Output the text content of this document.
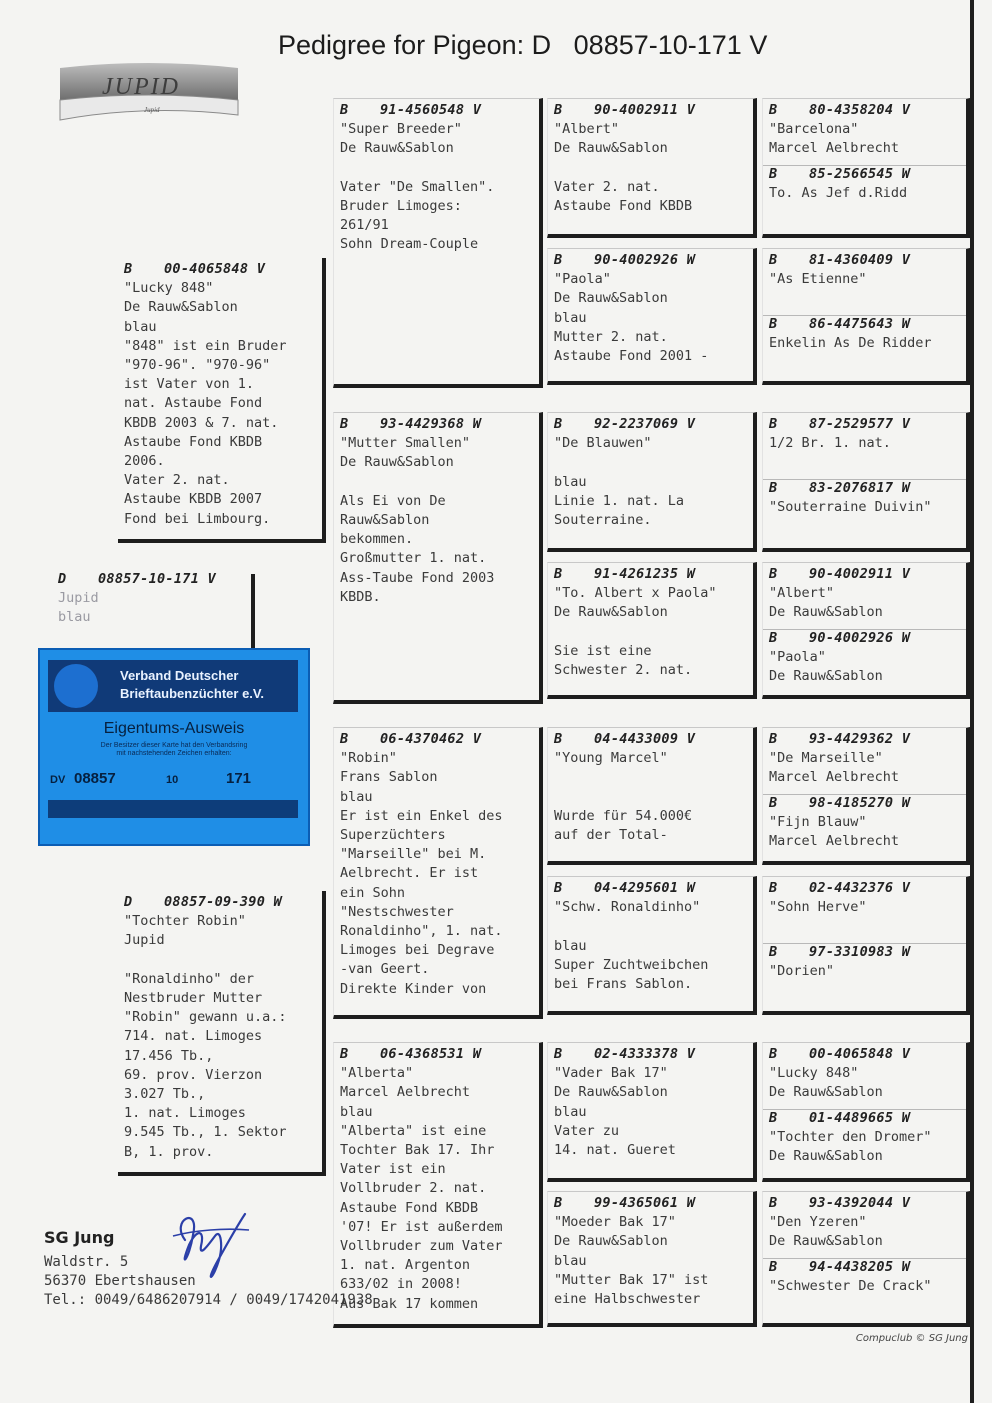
Pedigree for Pigeon: D   08857-10-171 V
JUPID
Jupid
D 08857-10-171 V
Jupid
blau
B 00-4065848 V
"Lucky 848"
De Rauw&Sablon
blau
"848" ist ein Bruder
"970-96". "970-96"
ist Vater von 1.
nat. Astaube Fond
KBDB 2003 & 7. nat.
Astaube Fond KBDB
2006.
Vater 2. nat.
Astaube KBDB 2007
Fond bei Limbourg.
D 08857-09-390 W
"Tochter Robin"
Jupid

"Ronaldinho" der
Nestbruder Mutter
"Robin" gewann u.a.:
714. nat. Limoges
17.456 Tb.,
69. prov. Vierzon
3.027 Tb.,
1. nat. Limoges
9.545 Tb., 1. Sektor
B, 1. prov.
B 91-4560548 V
"Super Breeder"
De Rauw&Sablon

Vater "De Smallen".
Bruder Limoges:
261/91
Sohn Dream-Couple
B 93-4429368 W
"Mutter Smallen"
De Rauw&Sablon

Als Ei von De
Rauw&Sablon
bekommen.
Großmutter 1. nat.
Ass-Taube Fond 2003
KBDB.
B 06-4370462 V
"Robin"
Frans Sablon
blau
Er ist ein Enkel des
Superzüchters
"Marseille" bei M.
Aelbrecht. Er ist
ein Sohn
"Nestschwester
Ronaldinho", 1. nat.
Limoges bei Degrave
-van Geert.
Direkte Kinder von
B 06-4368531 W
"Alberta"
Marcel Aelbrecht
blau
"Alberta" ist eine
Tochter Bak 17. Ihr
Vater ist ein
Vollbruder 2. nat.
Astaube Fond KBDB
'07! Er ist außerdem
Vollbruder zum Vater
1. nat. Argenton
633/02 in 2008!
Aus Bak 17 kommen
B 90-4002911 V
"Albert"
De Rauw&Sablon

Vater 2. nat.
Astaube Fond KBDB
B 90-4002926 W
"Paola"
De Rauw&Sablon
blau
Mutter 2. nat.
Astaube Fond 2001 -
B 92-2237069 V
"De Blauwen"

blau
Linie 1. nat. La
Souterraine.
B 91-4261235 W
"To. Albert x Paola"
De Rauw&Sablon

Sie ist eine
Schwester 2. nat.
B 04-4433009 V
"Young Marcel"

Wurde für 54.000€
auf der Total-
B 04-4295601 W
"Schw. Ronaldinho"

blau
Super Zuchtweibchen
bei Frans Sablon.
B 02-4333378 V
"Vader Bak 17"
De Rauw&Sablon
blau
Vater zu
14. nat. Gueret
B 99-4365061 W
"Moeder Bak 17"
De Rauw&Sablon
blau
"Mutter Bak 17" ist
eine Halbschwester
B 80-4358204 V
"Barcelona"
Marcel Aelbrecht
B 85-2566545 W
To. As Jef d.Ridd
B 81-4360409 V
"As Etienne"
B 86-4475643 W
Enkelin As De Ridder
B 87-2529577 V
1/2 Br. 1. nat.
B 83-2076817 W
"Souterraine Duivin"
B 90-4002911 V
"Albert"
De Rauw&Sablon
B 90-4002926 W
"Paola"
De Rauw&Sablon
B 93-4429362 V
"De Marseille"
Marcel Aelbrecht
B 98-4185270 W
"Fijn Blauw"
Marcel Aelbrecht
B 02-4432376 V
"Sohn Herve"
B 97-3310983 W
"Dorien"
B 00-4065848 V
"Lucky 848"
De Rauw&Sablon
B 01-4489665 W
"Tochter den Dromer"
De Rauw&Sablon
B 93-4392044 V
"Den Yzeren"
De Rauw&Sablon
B 94-4438205 W
"Schwester De Crack"
Verband Deutscher
Brieftaubenzüchter e.V.
Eigentums-Ausweis
Der Besitzer dieser Karte hat den Verbandsring
mit nachstehenden Zeichen erhalten:
DV 08857	10	171
SG Jung
Waldstr. 5
56370 Ebertshausen
Tel.: 0049/6486207914 / 0049/1742041938
Compuclub © SG Jung
